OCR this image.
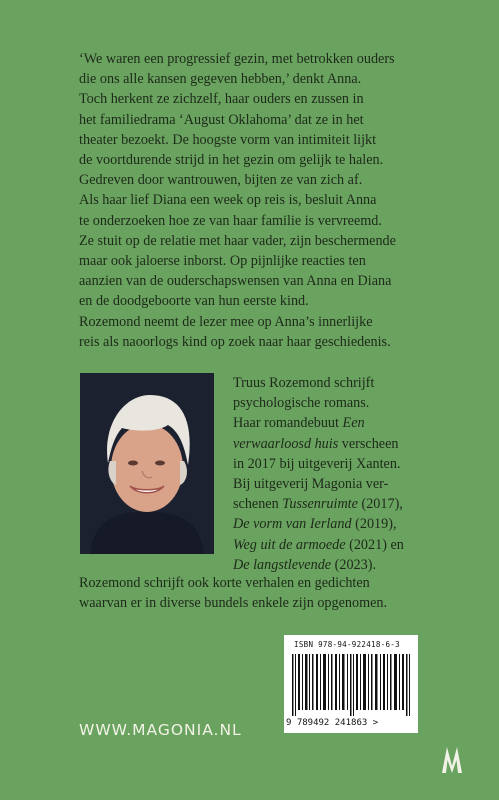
‘We waren een progressief gezin, met betrokken ouders
die ons alle kansen gegeven hebben,’ denkt Anna.
Toch herkent ze zichzelf, haar ouders en zussen in
het familiedrama ‘August Oklahoma’ dat ze in het
theater bezoekt. De hoogste vorm van intimiteit lijkt
de voortdurende strijd in het gezin om gelijk te halen.
Gedreven door wantrouwen, bijten ze van zich af.
Als haar lief Diana een week op reis is, besluit Anna
te onderzoeken hoe ze van haar familie is vervreemd.
Ze stuit op de relatie met haar vader, zijn beschermende
maar ook jaloerse inborst. Op pijnlijke reacties ten
aanzien van de ouderschapswensen van Anna en Diana
en de doodgeboorte van hun eerste kind.
Rozemond neemt de lezer mee op Anna’s innerlijke
reis als naoorlogs kind op zoek naar haar geschiedenis.
Truus Rozemond schrijft
psychologische romans.
Haar romandebuut Een
verwaarloosd huis verscheen
in 2017 bij uitgeverij Xanten.
Bij uitgeverij Magonia ver-
schenen Tussenruimte (2017),
De vorm van Ierland (2019),
Weg uit de armoede (2021) en
De langstlevende (2023).
Rozemond schrijft ook korte verhalen en gedichten
waarvan er in diverse bundels enkele zijn opgenomen.
ISBN 978-94-922418-6-3
9 789492 241863 >
WWW.MAGONIA.NL
